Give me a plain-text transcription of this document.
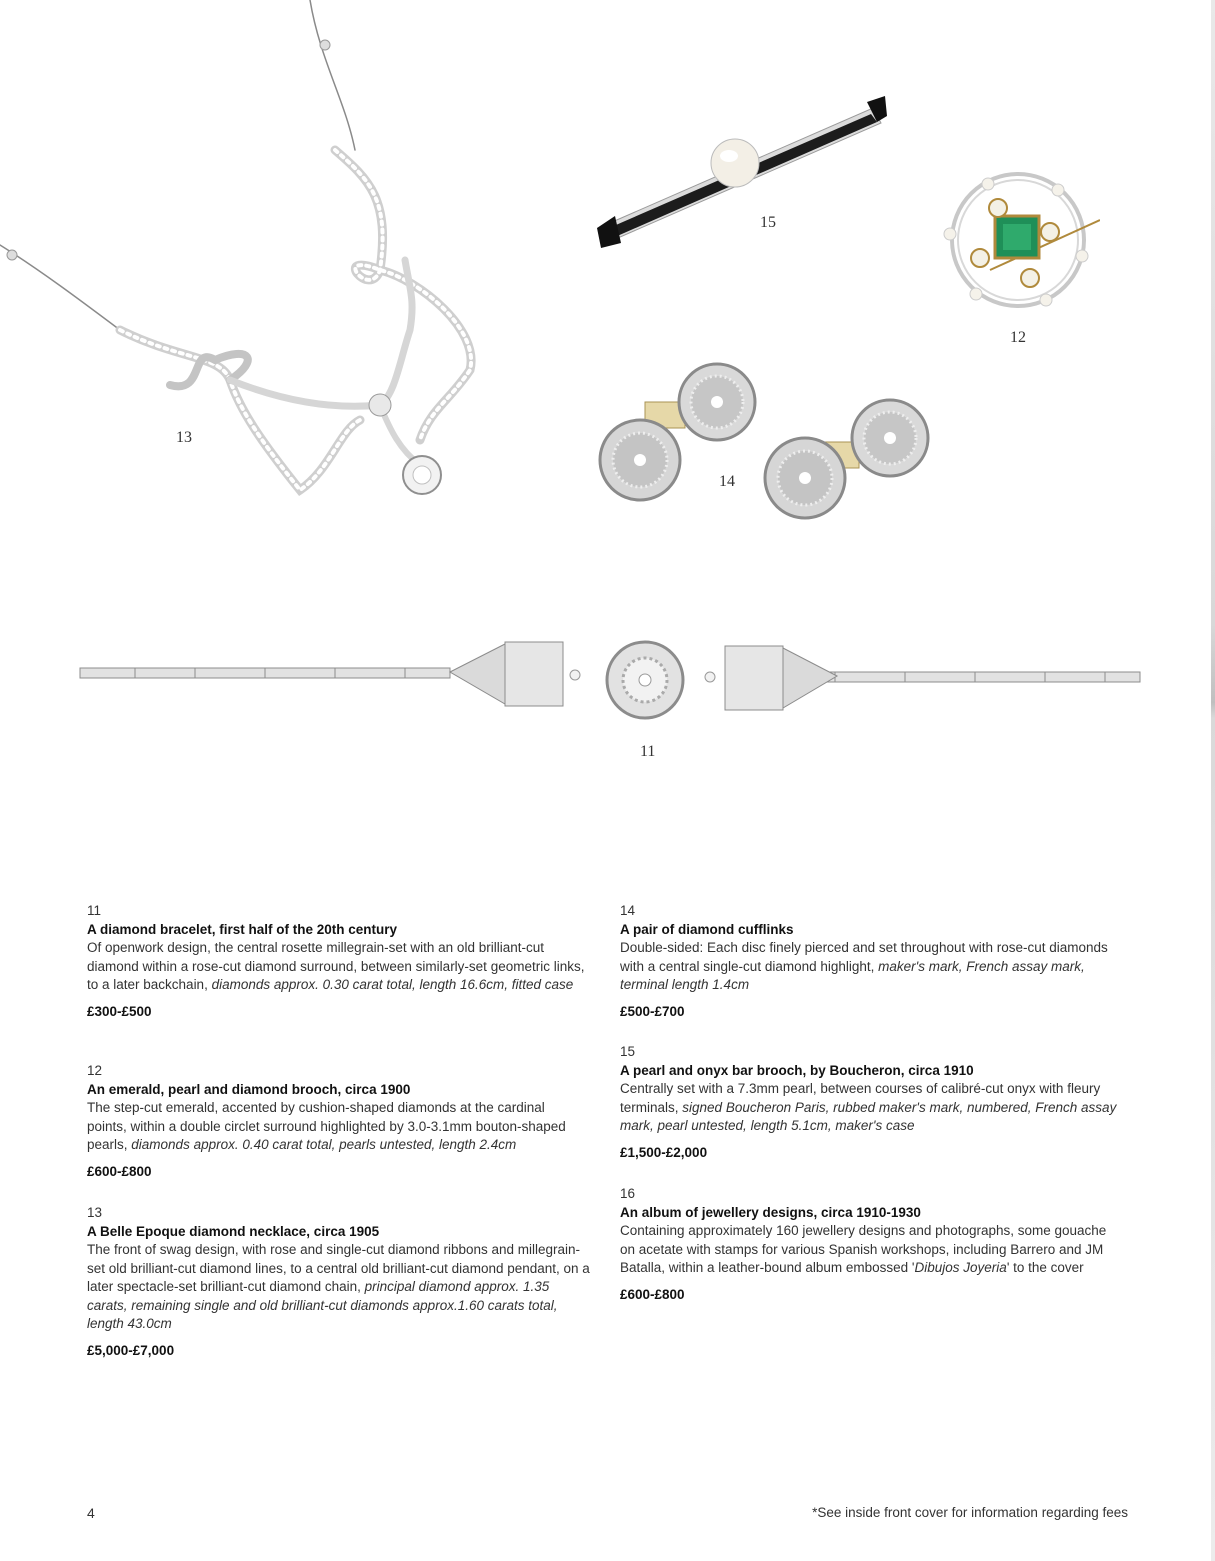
13
15
12
14
11
11
A diamond bracelet, first half of the 20th century
Of openwork design, the central rosette millegrain-set with an old brilliant-cut diamond within a rose-cut diamond surround, between similarly-set geometric links, to a later backchain, diamonds approx. 0.30 carat total, length 16.6cm, fitted case
£300-£500
12
An emerald, pearl and diamond brooch, circa 1900
The step-cut emerald, accented by cushion-shaped diamonds at the cardinal points, within a double circlet surround highlighted by 3.0-3.1mm bouton-shaped pearls, diamonds approx. 0.40 carat total, pearls untested, length 2.4cm
£600-£800
13
A Belle Epoque diamond necklace, circa 1905
The front of swag design, with rose and single-cut diamond ribbons and millegrain-set old brilliant-cut diamond lines, to a central old brilliant-cut diamond pendant, on a later spectacle-set brilliant-cut diamond chain, principal diamond approx. 1.35 carats, remaining single and old brilliant-cut diamonds approx.1.60 carats total, length 43.0cm
£5,000-£7,000
14
A pair of diamond cufflinks
Double-sided: Each disc finely pierced and set throughout with rose-cut diamonds with a central single-cut diamond highlight, maker's mark, French assay mark, terminal length 1.4cm
£500-£700
15
A pearl and onyx bar brooch, by Boucheron, circa 1910
Centrally set with a 7.3mm pearl, between courses of calibré-cut onyx with fleury terminals, signed Boucheron Paris, rubbed maker's mark, numbered, French assay mark, pearl untested, length 5.1cm, maker's case
£1,500-£2,000
16
An album of jewellery designs, circa 1910-1930
Containing approximately 160 jewellery designs and photographs, some gouache on acetate with stamps for various Spanish workshops, including Barrero and JM Batalla, within a leather-bound album embossed 'Dibujos Joyeria' to the cover
£600-£800
4	*See inside front cover for information regarding fees
